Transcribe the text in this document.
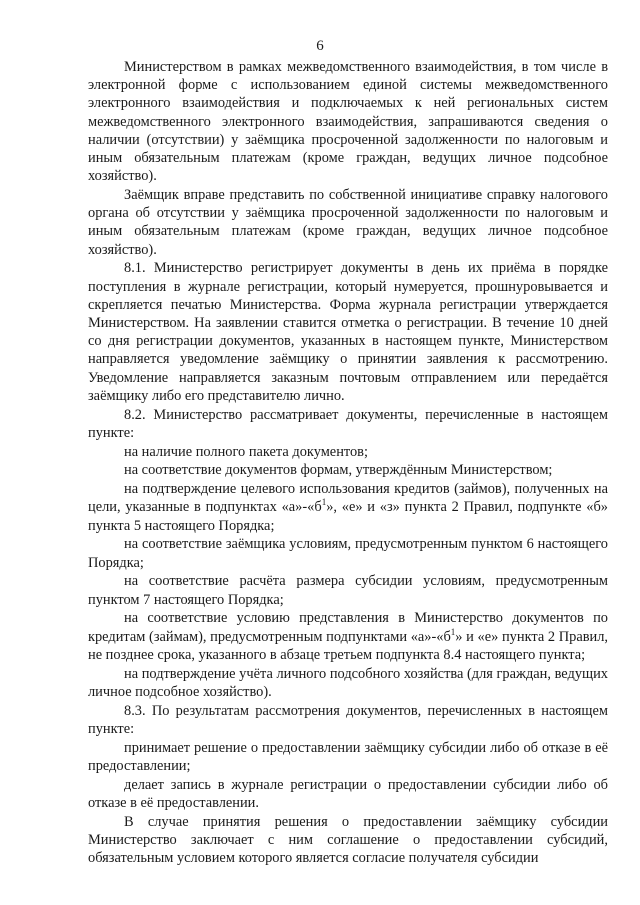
6

Министерством в рамках межведомственного взаимодействия, в том числе в электронной форме с использованием единой системы межведомственного электронного взаимодействия и подключаемых к ней региональных систем межведомственного электронного взаимодействия, запрашиваются сведения о наличии (отсутствии) у заёмщика просроченной задолженности по налоговым и иным обязательным платежам (кроме граждан, ведущих личное подсобное хозяйство).

Заёмщик вправе представить по собственной инициативе справку налогового органа об отсутствии у заёмщика просроченной задолженности по налоговым и иным обязательным платежам (кроме граждан, ведущих личное подсобное хозяйство).

8.1. Министерство регистрирует документы в день их приёма в порядке поступления в журнале регистрации, который нумеруется, прошнуровывается и скрепляется печатью Министерства. Форма журнала регистрации утверждается Министерством. На заявлении ставится отметка о регистрации. В течение 10 дней со дня регистрации документов, указанных в настоящем пункте, Министерством направляется уведомление заёмщику о принятии заявления к рассмотрению. Уведомление направляется заказным почтовым отправлением или передаётся заёмщику либо его представителю лично.

8.2. Министерство рассматривает документы, перечисленные в настоящем пункте:

на наличие полного пакета документов;

на соответствие документов формам, утверждённым Министерством;

на подтверждение целевого использования кредитов (займов), полученных на цели, указанные в подпунктах «$а»-«б^1$», «е» и «з» пункта 2 Правил, подпункте «б» пункта 5 настоящего Порядка;

на соответствие заёмщика условиям, предусмотренным пунктом 6 настоящего Порядка;

на соответствие расчёта размера субсидии условиям, предусмотренным пунктом 7 настоящего Порядка;

на соответствие условию представления в Министерство документов по кредитам (займам), предусмотренным подпунктами «$а»-«б^1$» и «е» пункта 2 Правил, не позднее срока, указанного в абзаце третьем подпункта 8.4 настоящего пункта;

на подтверждение учёта личного подсобного хозяйства (для граждан, ведущих личное подсобное хозяйство).

8.3. По результатам рассмотрения документов, перечисленных в настоящем пункте:

принимает решение о предоставлении заёмщику субсидии либо об отказе в её предоставлении;

делает запись в журнале регистрации о предоставлении субсидии либо об отказе в её предоставлении.

В случае принятия решения о предоставлении заёмщику субсидии Министерство заключает с ним соглашение о предоставлении субсидий, обязательным условием которого является согласие получателя субсидии
